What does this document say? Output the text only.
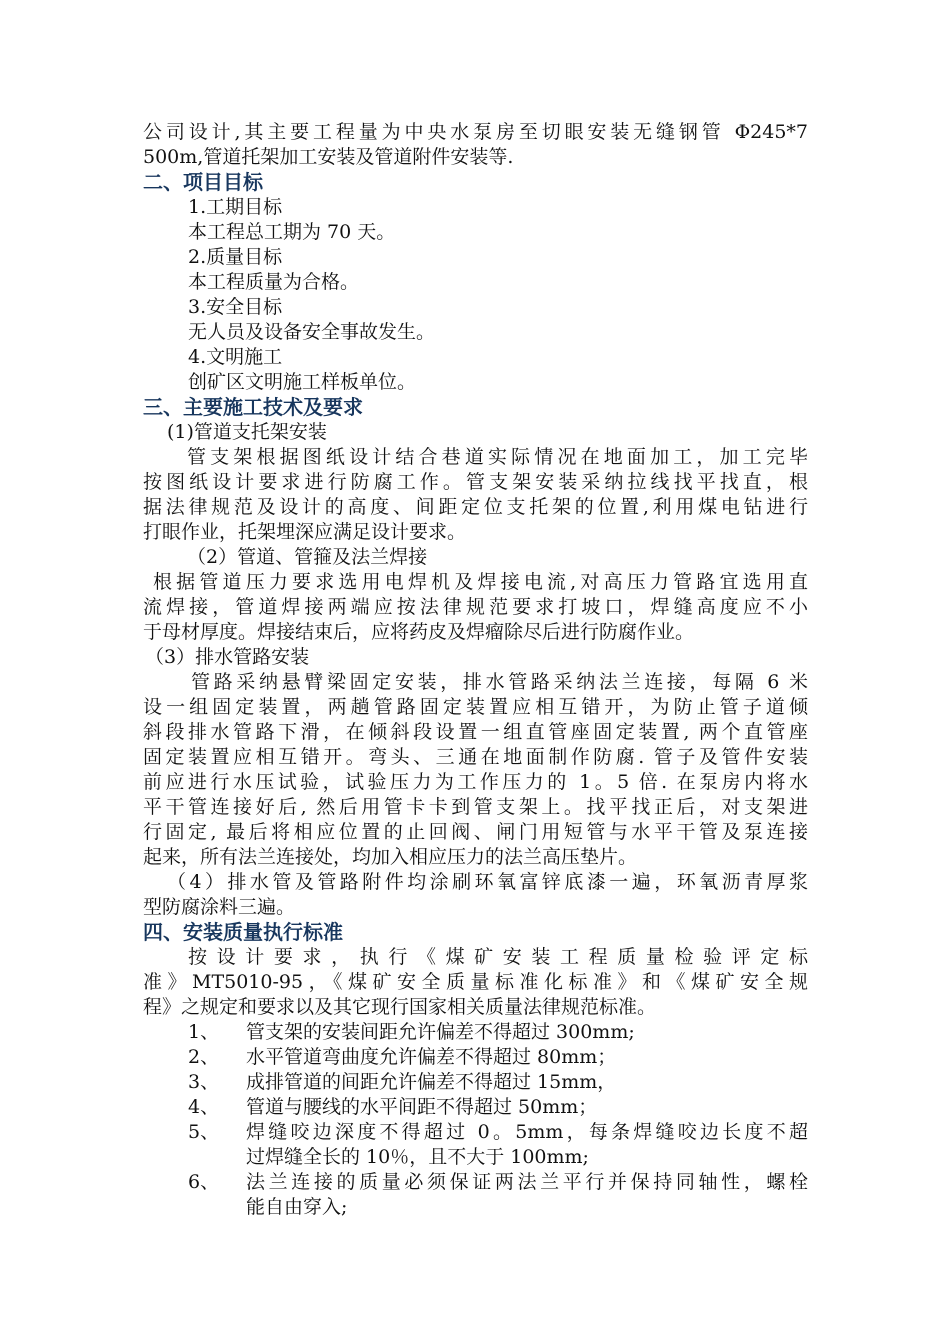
公司设计,其主要工程量为中央水泵房至切眼安装无缝钢管 Φ245*7
500m,管道托架加工安装及管道附件安装等.
二、项目目标
1.工期目标
本工程总工期为 70 天。
2.质量目标
本工程质量为合格。
3.安全目标
无人员及设备安全事故发生。
4.文明施工
创矿区文明施工样板单位。
三、主要施工技术及要求
(1)管道支托架安装
管支架根据图纸设计结合巷道实际情况在地面加工，加工完毕
按图纸设计要求进行防腐工作。管支架安装采纳拉线找平找直，根
据法律规范及设计的高度、间距定位支托架的位置,利用煤电钻进行
打眼作业，托架埋深应满足设计要求。
（2）管道、管箍及法兰焊接
根据管道压力要求选用电焊机及焊接电流,对高压力管路宜选用直
流焊接，管道焊接两端应按法律规范要求打坡口，焊缝高度应不小
于母材厚度。焊接结束后，应将药皮及焊瘤除尽后进行防腐作业。
（3）排水管路安装
管路采纳悬臂梁固定安装，排水管路采纳法兰连接，每隔 6 米
设一组固定装置，两趟管路固定装置应相互错开，为防止管子道倾
斜段排水管路下滑，在倾斜段设置一组直管座固定装置, 两个直管座
固定装置应相互错开。弯头、三通在地面制作防腐. 管子及管件安装
前应进行水压试验，试验压力为工作压力的 1。5 倍. 在泵房内将水
平干管连接好后, 然后用管卡卡到管支架上。找平找正后，对支架进
行固定, 最后将相应位置的止回阀、闸门用短管与水平干管及泵连接
起来，所有法兰连接处，均加入相应压力的法兰高压垫片。
（4）排水管及管路附件均涂刷环氧富锌底漆一遍，环氧沥青厚浆
型防腐涂料三遍。
四、安装质量执行标准
按 设 计 要 求 ， 执 行 《 煤 矿 安 装 工 程 质 量 检 验 评 定 标
准》MT5010-95，《煤矿安全质量标准化标准》和《煤矿安全规
程》之规定和要求以及其它现行国家相关质量法律规范标准。
1、	管支架的安装间距允许偏差不得超过 300mm;
2、	水平管道弯曲度允许偏差不得超过 80mm；
3、	成排管道的间距允许偏差不得超过 15mm，
4、	管道与腰线的水平间距不得超过 50mm；
5、	焊缝咬边深度不得超过 0。5mm，每条焊缝咬边长度不超
过焊缝全长的 10％，且不大于 100mm;
6、	法兰连接的质量必须保证两法兰平行并保持同轴性，螺栓
能自由穿入;
